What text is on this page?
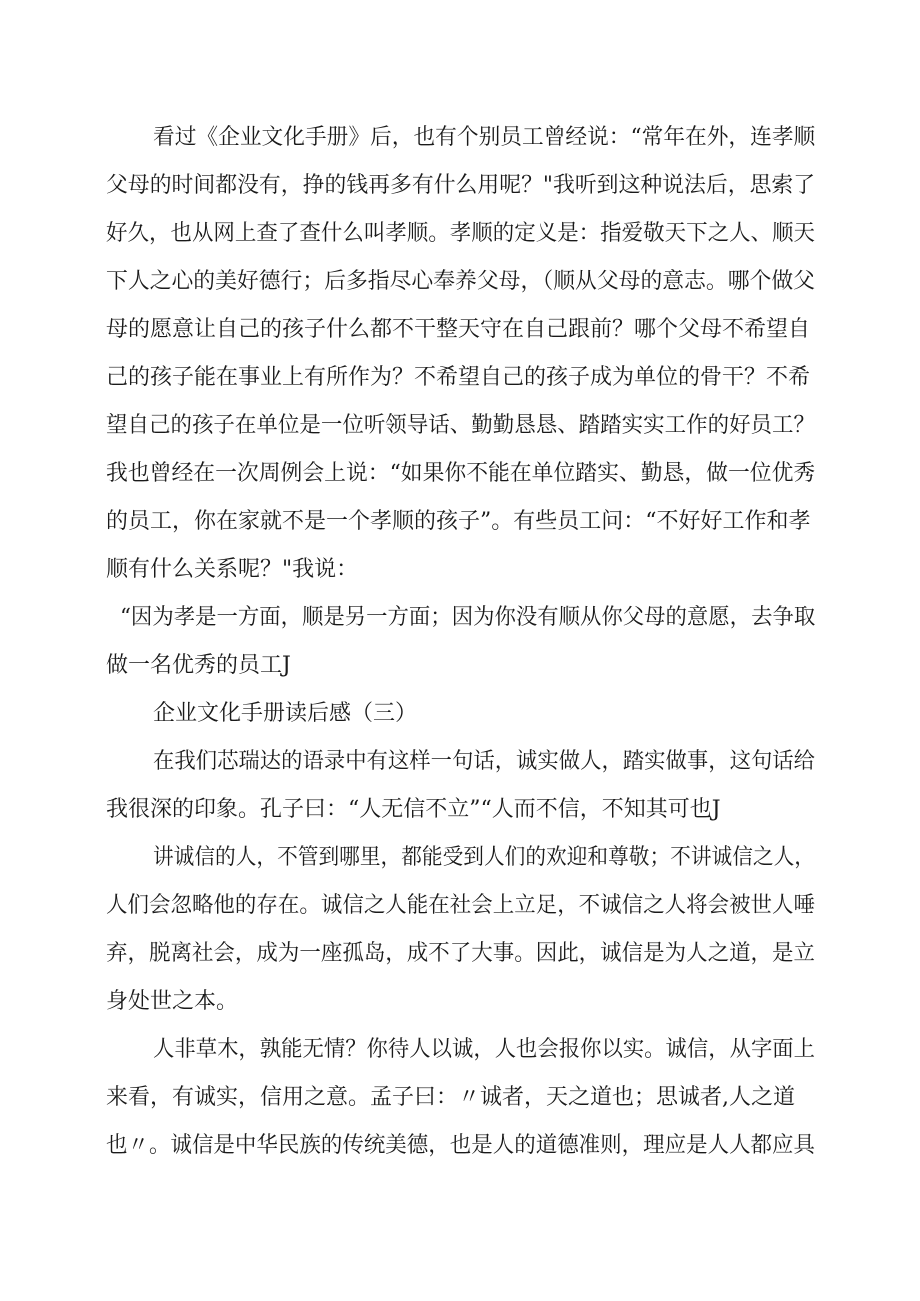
看过《企业文化手册》后，也有个别员工曾经说：“常年在外，连孝顺
父母的时间都没有，挣的钱再多有什么用呢？"我听到这种说法后，思索了
好久，也从网上查了查什么叫孝顺。孝顺的定义是：指爱敬天下之人、顺天
下人之心的美好德行；后多指尽心奉养父母，（顺从父母的意志。哪个做父
母的愿意让自己的孩子什么都不干整天守在自己跟前？哪个父母不希望自
己的孩子能在事业上有所作为？不希望自己的孩子成为单位的骨干？不希
望自己的孩子在单位是一位听领导话、勤勤恳恳、踏踏实实工作的好员工？
我也曾经在一次周例会上说：“如果你不能在单位踏实、勤恳，做一位优秀
的员工，你在家就不是一个孝顺的孩子”。有些员工问：“不好好工作和孝
顺有什么关系呢？"我说：
“因为孝是一方面，顺是另一方面；因为你没有顺从你父母的意愿，去争取
做一名优秀的员工J
企业文化手册读后感（三）
在我们芯瑞达的语录中有这样一句话，诚实做人，踏实做事，这句话给
我很深的印象。孔子曰：“人无信不立”“人而不信，不知其可也J
讲诚信的人，不管到哪里，都能受到人们的欢迎和尊敬；不讲诚信之人，
人们会忽略他的存在。诚信之人能在社会上立足，不诚信之人将会被世人唾
弃，脱离社会，成为一座孤岛，成不了大事。因此，诚信是为人之道，是立
身处世之本。
人非草木，孰能无情？你待人以诚，人也会报你以实。诚信，从字面上
来看，有诚实，信用之意。孟子曰：〃诚者，天之道也；思诚者,人之道
也〃。诚信是中华民族的传统美德，也是人的道德准则，理应是人人都应具
